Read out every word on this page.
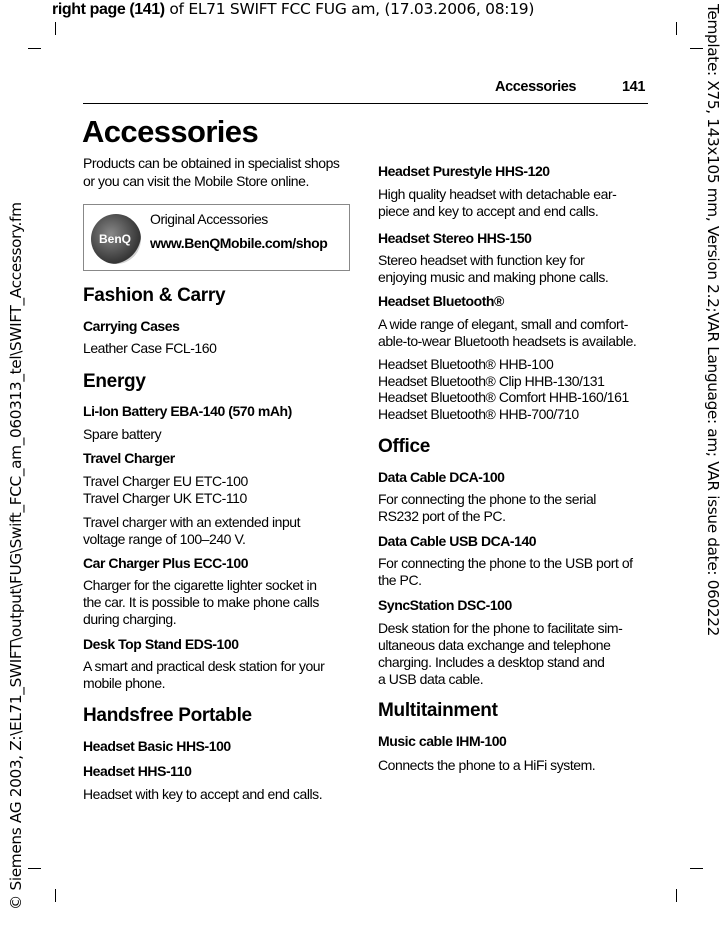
right page (141) of EL71 SWIFT FCC FUG am, (17.03.2006, 08:19)
© Siemens AG 2003, Z:\EL71_SWIFT\output\FUG\Swift_FCC_am_060313_tel\SWIFT_Accessory.fm	Template: X75, 143x105 mm, Version 2.2;VAR Language: am; VAR issue date: 060222
Accessories	141
Accessories
BenQ
Original Accessories
www.BenQMobile.com/shop
Products can be obtained in specialist shops
or you can visit the Mobile Store online.
Fashion & Carry
Carrying Cases
Leather Case FCL-160
Energy
Li-Ion Battery EBA-140 (570 mAh)
Spare battery
Travel Charger
Travel Charger EU ETC-100
Travel Charger UK ETC-110
Travel charger with an extended input
voltage range of 100–240 V.
Car Charger Plus ECC-100
Charger for the cigarette lighter socket in
the car. It is possible to make phone calls
during charging.
Desk Top Stand EDS-100
A smart and practical desk station for your
mobile phone.
Handsfree Portable
Headset Basic HHS-100
Headset HHS-110
Headset with key to accept and end calls.
Headset Purestyle HHS-120
High quality headset with detachable ear-
piece and key to accept and end calls.
Headset Stereo HHS-150
Stereo headset with function key for
enjoying music and making phone calls.
Headset Bluetooth®
A wide range of elegant, small and comfort-
able-to-wear Bluetooth headsets is available.
Headset Bluetooth® HHB-100
Headset Bluetooth® Clip HHB-130/131
Headset Bluetooth® Comfort HHB-160/161
Headset Bluetooth® HHB-700/710
Office
Data Cable DCA-100
For connecting the phone to the serial
RS232 port of the PC.
Data Cable USB DCA-140
For connecting the phone to the USB port of
the PC.
SyncStation DSC-100
Desk station for the phone to facilitate sim-
ultaneous data exchange and telephone
charging. Includes a desktop stand and
a USB data cable.
Multitainment
Music cable IHM-100
Connects the phone to a HiFi system.
